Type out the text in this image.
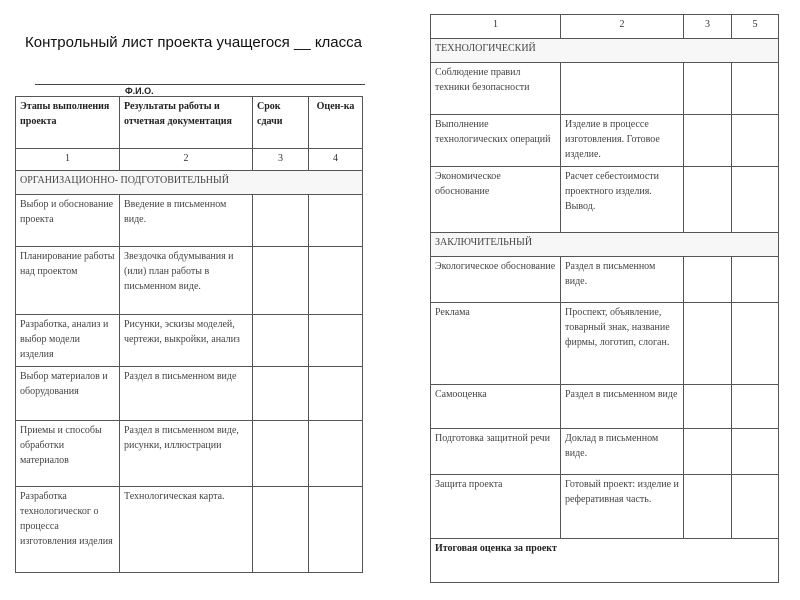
Контрольный лист проекта учащегося __ класса
Ф.И.О.
Этапы выполнения проекта	Результаты работы и отчетная документация	Срок сдачи	Оцен-ка
1	2	3	4
ОРГАНИЗАЦИОННО- ПОДГОТОВИТЕЛЬНЫЙ			
Выбор и обоснование проекта	Введение в письменном виде.		
Планирование работы над проектом	Звездочка обдумывания и (или) план работы в письменном виде.		
Разработка, анализ и выбор модели изделия	Рисунки, эскизы моделей, чертежи, выкройки, анализ		
Выбор материалов и оборудования	Раздел в письменном виде		
Приемы и способы обработки материалов	Раздел в письменном виде, рисунки, иллюстрации		
Разработка технологическог о процесса изготовления изделия	Технологическая карта.		
1	2	3	5
ТЕХНОЛОГИЧЕСКИЙ			
Соблюдение правил техники безопасности			
Выполнение технологических операций	Изделие в процессе изготовления. Готовое изделие.		
Экономическое обоснование	Расчет себестоимости проектного изделия. Вывод.		
ЗАКЛЮЧИТЕЛЬНЫЙ			
Экологическое обоснование	Раздел в письменном виде.		
Реклама	Проспект, объявление, товарный знак, название фирмы, логотип, слоган.		
Самооценка	Раздел в письменном виде		
Подготовка защитной речи	Доклад в письменном виде.		
Защита проекта	Готовый проект: изделие и реферативная часть.		
Итоговая оценка за проект			
